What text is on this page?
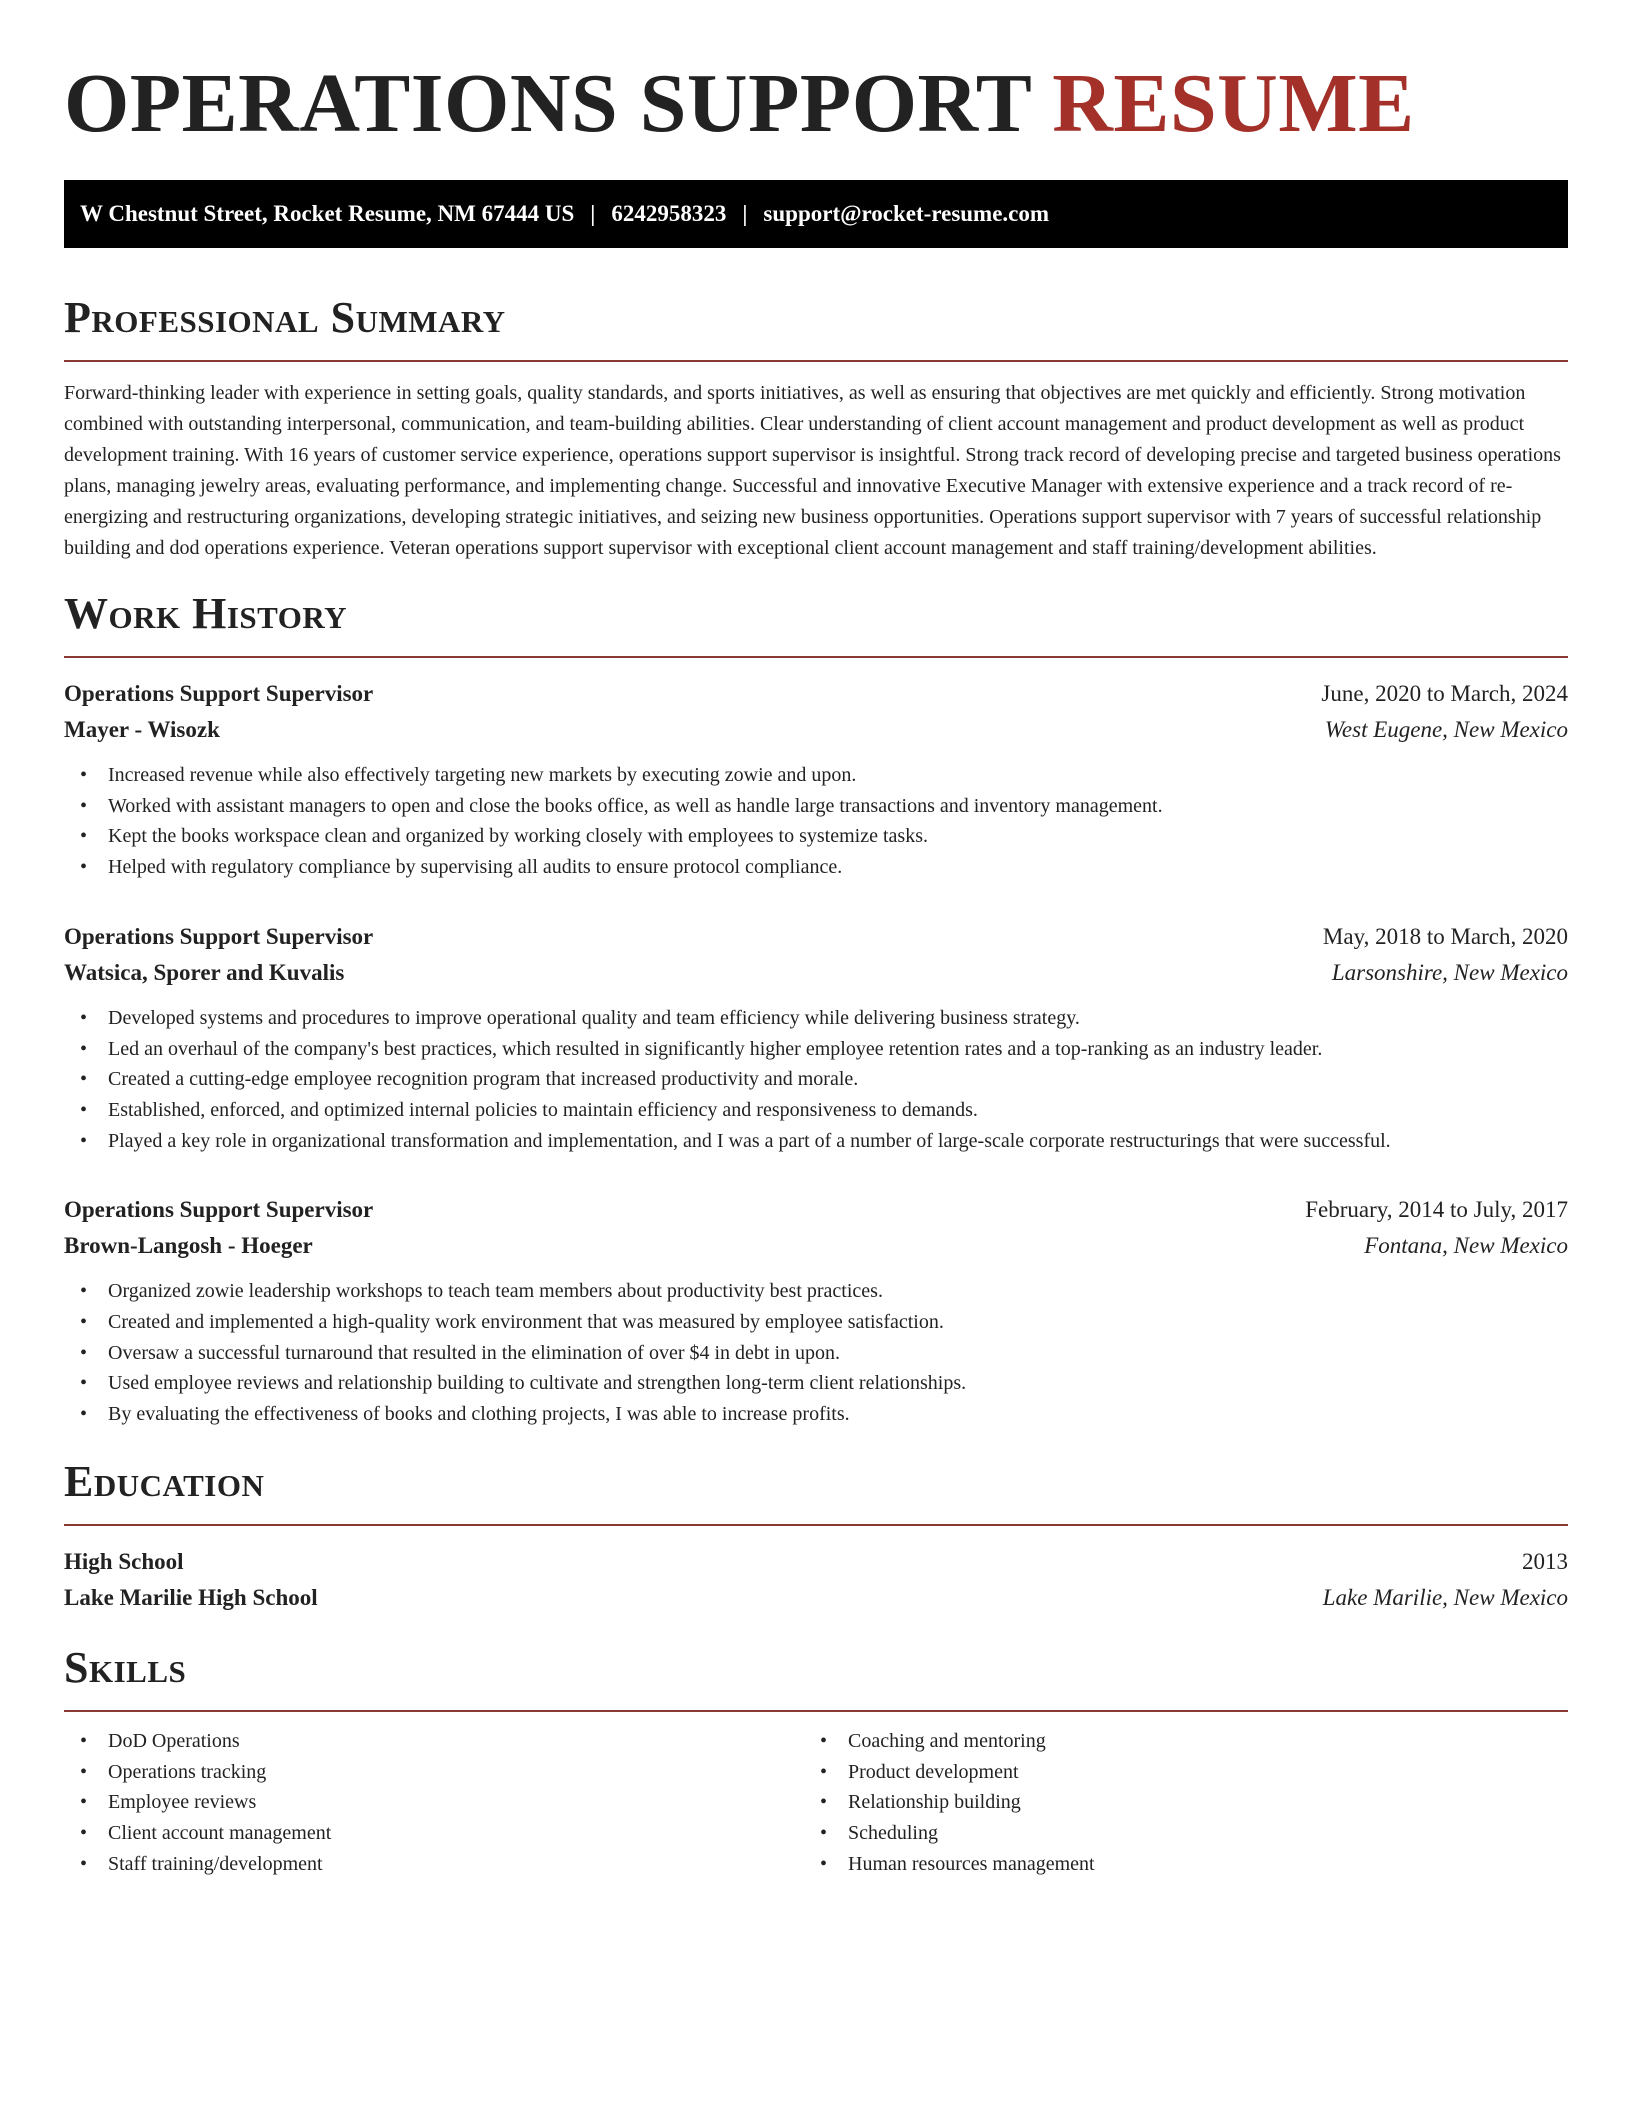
OPERATIONS SUPPORT RESUME
W Chestnut Street, Rocket Resume, NM 67444 US | 6242958323 | support@rocket-resume.com
Professional Summary

Forward-thinking leader with experience in setting goals, quality standards, and sports initiatives, as well as ensuring that objectives are met quickly and efficiently. Strong motivation combined with outstanding interpersonal, communication, and team-building abilities. Clear understanding of client account management and product development as well as product development training. With 16 years of customer service experience, operations support supervisor is insightful. Strong track record of developing precise and targeted business operations plans, managing jewelry areas, evaluating performance, and implementing change. Successful and innovative Executive Manager with extensive experience and a track record of re-energizing and restructuring organizations, developing strategic initiatives, and seizing new business opportunities. Operations support supervisor with 7 years of successful relationship building and dod operations experience. Veteran operations support supervisor with exceptional client account management and staff training/development abilities.

Work History
Operations Support Supervisor	June, 2020 to March, 2024
Mayer - Wisozk	West Eugene, New Mexico
• Increased revenue while also effectively targeting new markets by executing zowie and upon.
• Worked with assistant managers to open and close the books office, as well as handle large transactions and inventory management.
• Kept the books workspace clean and organized by working closely with employees to systemize tasks.
• Helped with regulatory compliance by supervising all audits to ensure protocol compliance.
Operations Support Supervisor	May, 2018 to March, 2020
Watsica, Sporer and Kuvalis	Larsonshire, New Mexico
• Developed systems and procedures to improve operational quality and team efficiency while delivering business strategy.
• Led an overhaul of the company's best practices, which resulted in significantly higher employee retention rates and a top-ranking as an industry leader.
• Created a cutting-edge employee recognition program that increased productivity and morale.
• Established, enforced, and optimized internal policies to maintain efficiency and responsiveness to demands.
• Played a key role in organizational transformation and implementation, and I was a part of a number of large-scale corporate restructurings that were successful.
Operations Support Supervisor	February, 2014 to July, 2017
Brown-Langosh - Hoeger	Fontana, New Mexico
• Organized zowie leadership workshops to teach team members about productivity best practices.
• Created and implemented a high-quality work environment that was measured by employee satisfaction.
• Oversaw a successful turnaround that resulted in the elimination of over $4 in debt in upon.
• Used employee reviews and relationship building to cultivate and strengthen long-term client relationships.
• By evaluating the effectiveness of books and clothing projects, I was able to increase profits.
Education
High School	2013
Lake Marilie High School	Lake Marilie, New Mexico
Skills
• DoD Operations
• Operations tracking
• Employee reviews
• Client account management
• Staff training/development
• Coaching and mentoring
• Product development
• Relationship building
• Scheduling
• Human resources management
